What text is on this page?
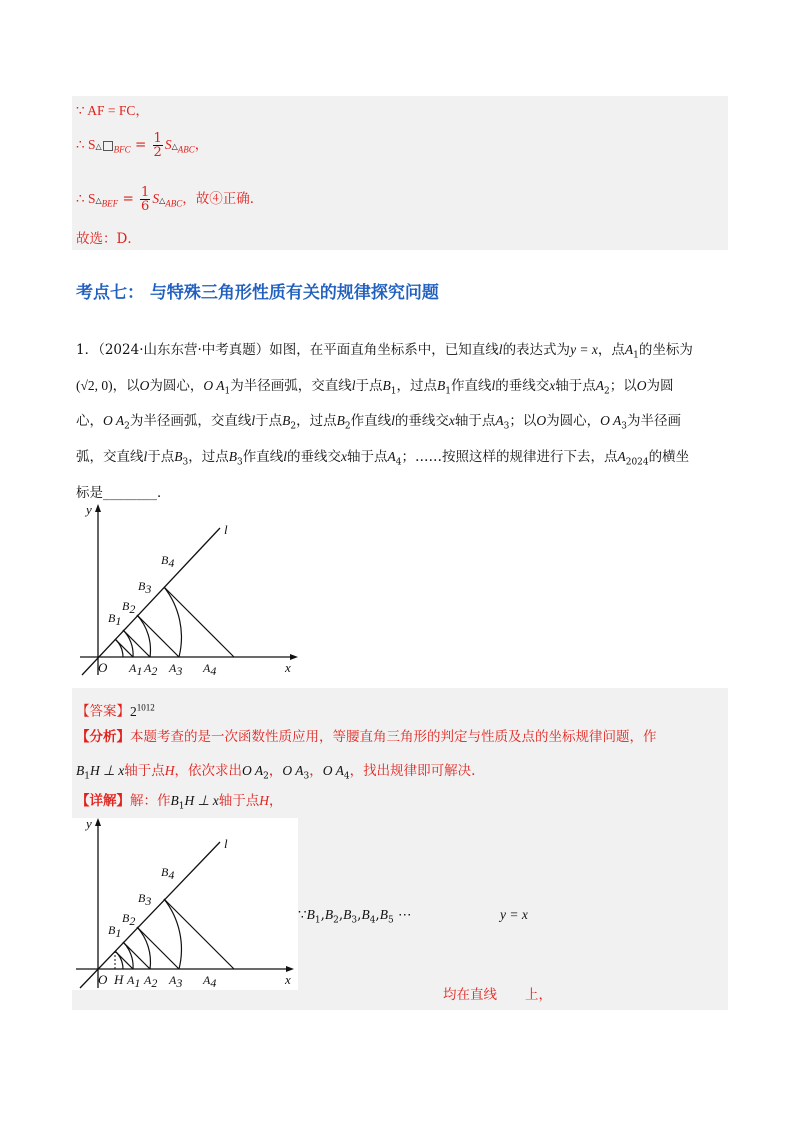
∵ AF = FC，
∴ S△ $_{BFC} = \frac{1}{2}$ $S\triangle_{ABC}$，
∴ $S\triangle_{BEF} = \frac{1}{6}$ $S\triangle_{ABC}$，故④正确．
故选：D．
考点七： 与特殊三角形性质有关的规律探究问题
1．（2024·山东东营·中考真题）如图，在平面直角坐标系中，已知直线l的表达式为y = x，点$A_1$的坐标为
(√2, 0)，以O为圆心，O $A_1$为半径画弧，交直线l于点$B_1$，过点$B_1$作直线l的垂线交x轴于点$A_2$；以O为圆
心，O $A_2$为半径画弧，交直线l于点$B_2$，过点$B_2$作直线l的垂线交x轴于点$A_3$；以O为圆心，O $A_3$为半径画
弧，交直线l于点$B_3$，过点$B_3$作直线l的垂线交x轴于点$A_4$；……按照这样的规律进行下去，点$A_{2024}$的横坐
标是________．
y
l
x
O A1 A2 A3 A4
B1
B2
B3
B4
【答案】$2^{1012}$
【分析】本题考查的是一次函数性质应用，等腰直角三角形的判定与性质及点的坐标规律问题，作
$B_1H$ ⊥ x轴于点H，依次求出O $A_2$，O $A_3$，O $A_4$，找出规律即可解决.
【详解】解：作$B_1H$ ⊥ x轴于点H，
y
l
x
O H A1 A2 A3 A4
B1
B2
B3
B4
$\because B_1,B_2,B_3,B_4,B_5$ ⋯	y = x
均在直线 上，
